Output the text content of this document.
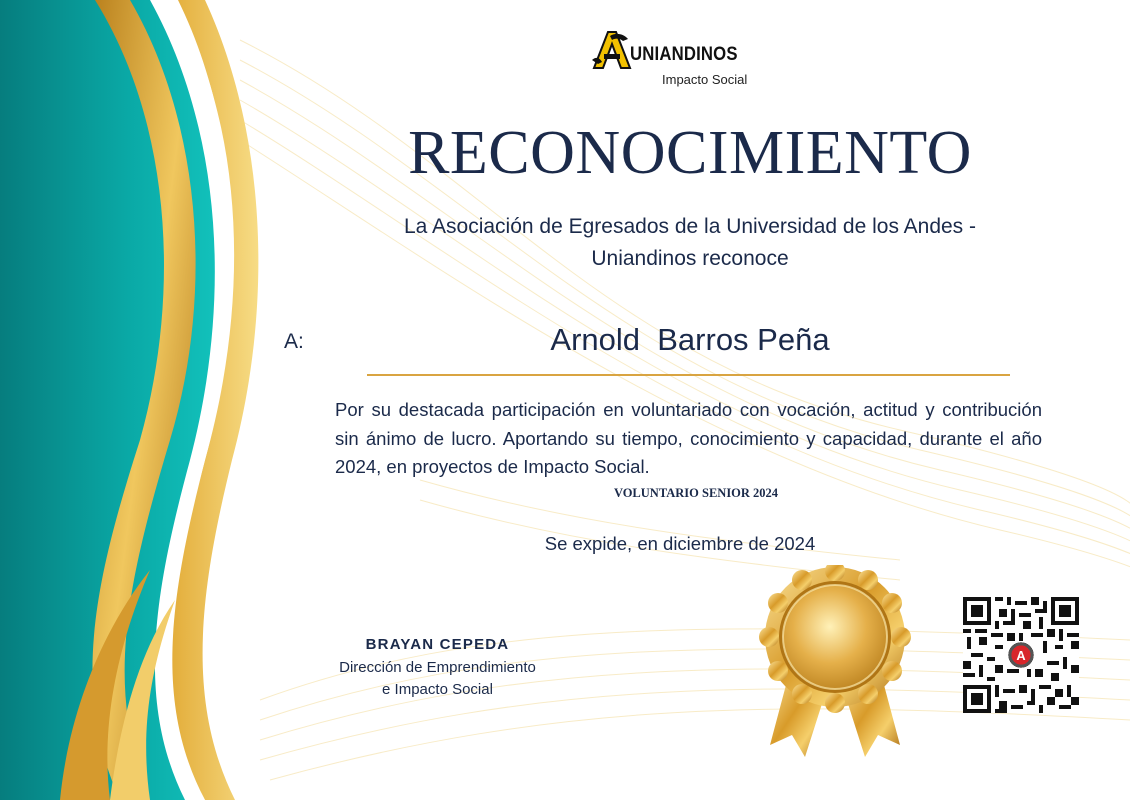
UNIANDINOS
Impacto Social
RECONOCIMIENTO
La Asociación de Egresados de la Universidad de los Andes -
Uniandinos reconoce
A:	Arnold  Barros Peña
Por su destacada participación en voluntariado con vocación, actitud y contribución sin ánimo de lucro. Aportando su tiempo, conocimiento y capacidad, durante el año 2024, en proyectos de Impacto Social.
VOLUNTARIO SENIOR 2024
Se expide, en diciembre de 2024
BRAYAN CEPEDA
Dirección de Emprendimiento
e Impacto Social
A
